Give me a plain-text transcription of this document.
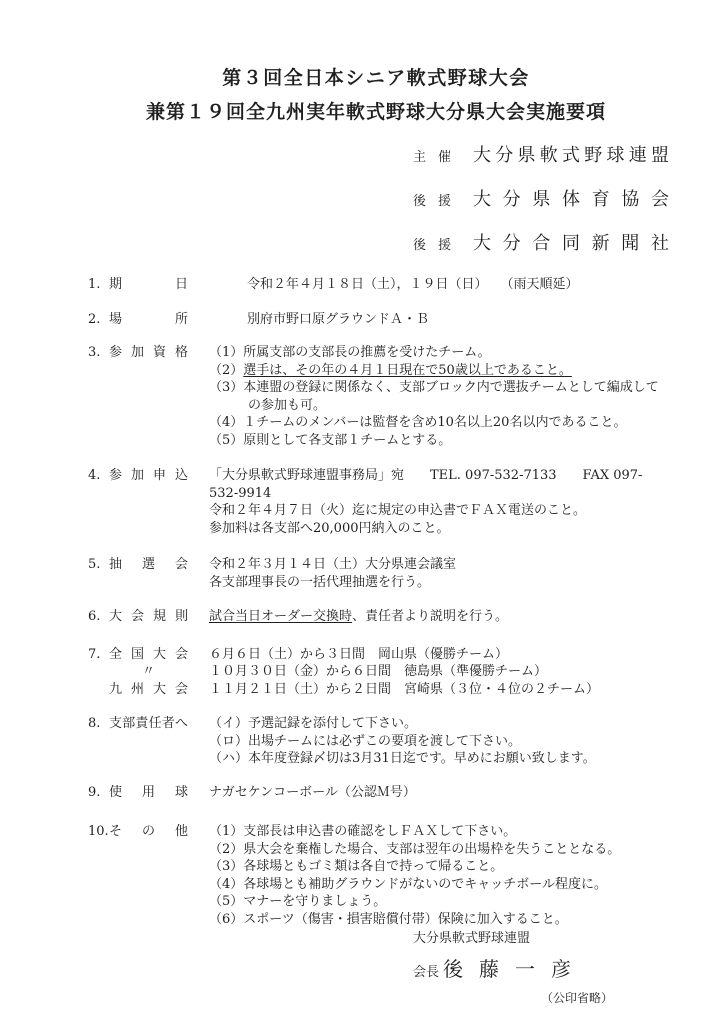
第３回全日本シニア軟式野球大会
兼第１９回全九州実年軟式野球大分県大会実施要項
主 催 大 分 県 軟 式 野 球 連 盟
後 援 大 分 県 体 育 協 会
後 援 大 分 合 同 新 聞 社
1. 期	日	令和２年４月１８日（土），１９日（日）　　（雨天順延）
2. 場	所	別府市野口原グラウンドＡ・Ｂ
3. 参 加 資 格 （1）所属支部の支部長の推薦を受けたチーム。
（2）選手は、その年の４月１日現在で50歳以上であること。
（3）本連盟の登録に関係なく、支部ブロック内で選抜チームとして編成して
　　　の参加も可。
（4）１チームのメンバーは監督を含め10名以上20名以内であること。
（5）原則として各支部１チームとする。
4. 参 加 申 込 「大分県軟式野球連盟事務局」宛　　TEL. 097-532-7133　　FAX 097-532-9914
令和２年４月７日（火）迄に規定の申込書でＦＡＸ電送のこと。
参加料は各支部へ20,000円納入のこと。
5. 抽 選 会 令和２年３月１４日（土）大分県連会議室
各支部理事長の一括代理抽選を行う。
6. 大 会 規 則 試合当日オーダー交換時、責任者より説明を行う。
7. 全 国 大 会 ６月６日（土）から３日間　岡山県（優勝チーム）
〃	１０月３０日（金）から６日間　徳島県（準優勝チーム）
九 州 大 会 １１月２１日（土）から２日間　宮崎県（３位・４位の２チーム）
8. 支 部 責 任 者 へ （イ）予選記録を添付して下さい。
（ロ）出場チームには必ずこの要項を渡して下さい。
（ハ）本年度登録〆切は3月31日迄です。早めにお願い致します。
9. 使 用 球 ナガセケンコーボール（公認Ｍ号）
10. そ の 他 （1）支部長は申込書の確認をしＦＡＸして下さい。
（2）県大会を棄権した場合、支部は翌年の出場枠を失うこととなる。
（3）各球場ともゴミ類は各自で持って帰ること。
（4）各球場とも補助グラウンドがないのでキャッチボール程度に。
（5）マナーを守りましょう。
（6）スポーツ（傷害・損害賠償付帯）保険に加入すること。
大分県軟式野球連盟
会長 後 藤 一 彦
（公印省略）
